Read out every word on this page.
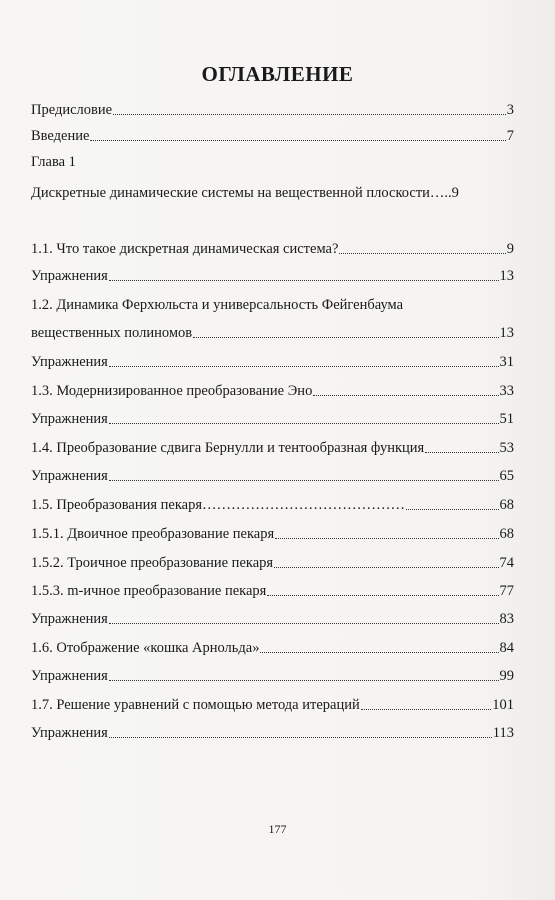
ОГЛАВЛЕНИЕ
Предисловие	3
Введение	7
Глава 1
Дискретные динамические системы на вещественной плоскости….. 9
1.1. Что такое дискретная динамическая система?	9
Упражнения	13
1.2. Динамика Ферхюльста и универсальность Фейгенбаума
вещественных полиномов	13
Упражнения	31
1.3. Модернизированное преобразование Эно	33
Упражнения	51
1.4. Преобразование сдвига Бернулли и тентообразная функция	53
Упражнения	65
1.5. Преобразования пекаря……………………………………	68
1.5.1. Двоичное преобразование пекаря	68
1.5.2. Троичное преобразование пекаря	74
1.5.3. m-ичное преобразование пекаря	77
Упражнения	83
1.6. Отображение «кошка Арнольда»	84
Упражнения	99
1.7. Решение уравнений с помощью метода итераций	101
Упражнения	113
177
